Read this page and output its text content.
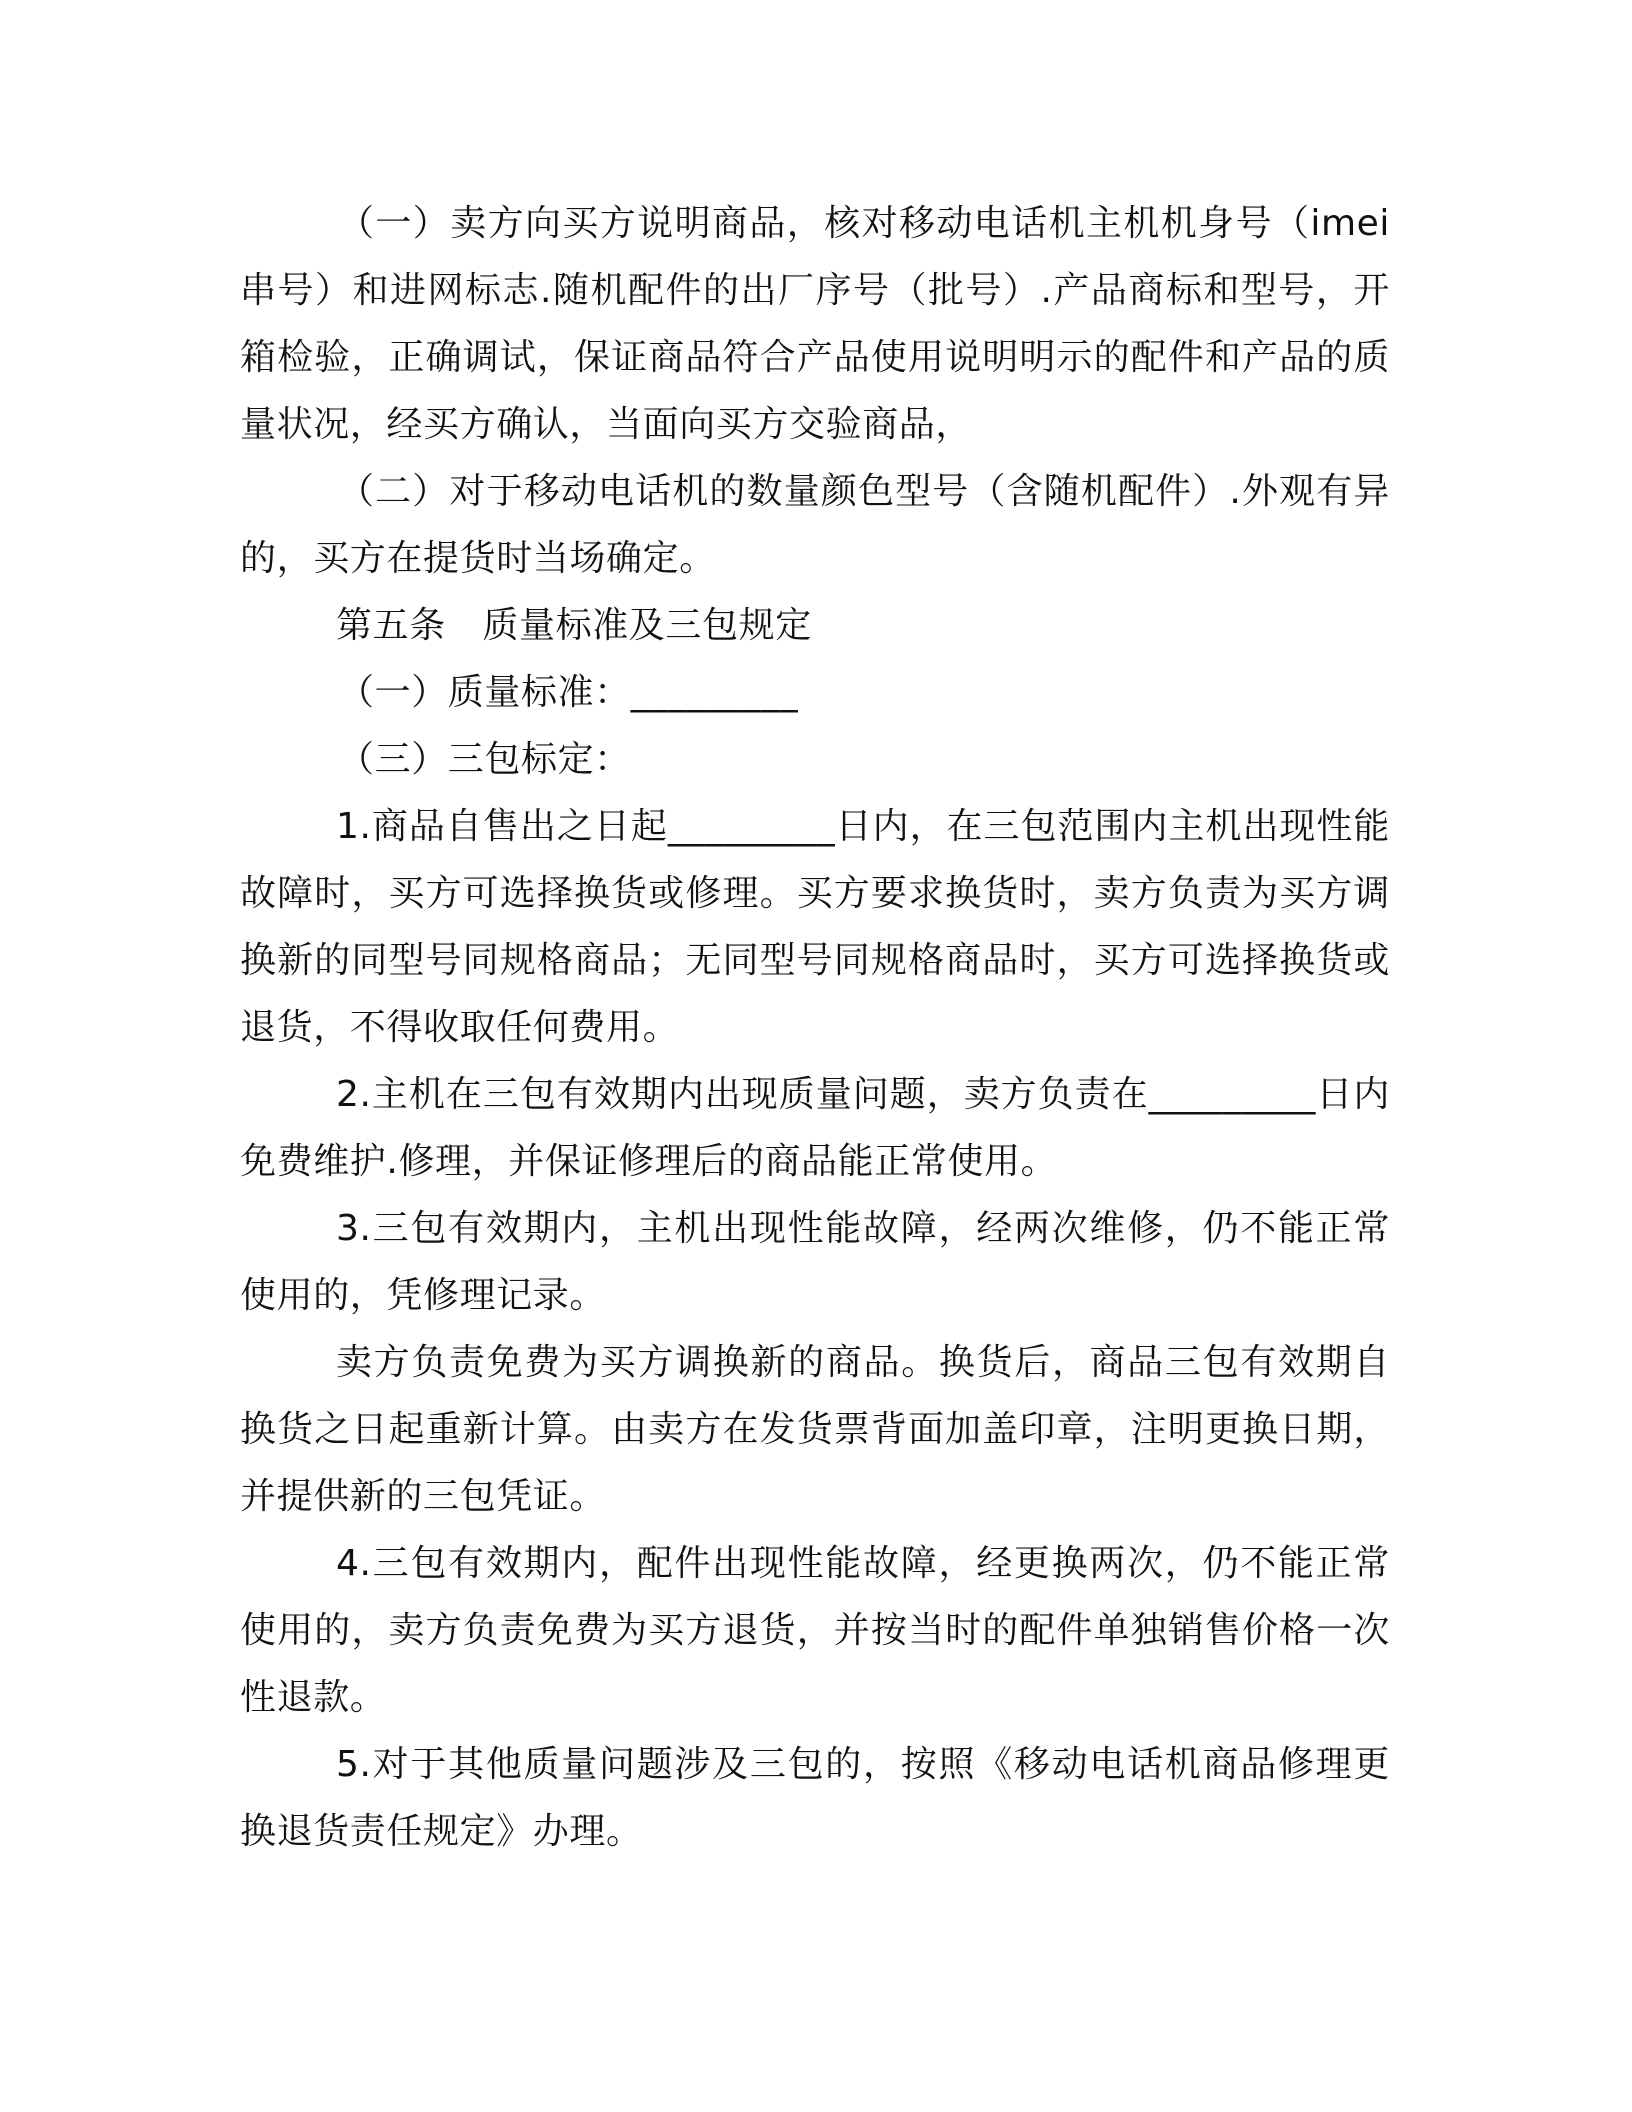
（一）卖方向买方说明商品，核对移动电话机主机机身号（imei串号）和进网标志.随机配件的出厂序号（批号）.产品商标和型号，开箱检验，正确调试，保证商品符合产品使用说明明示的配件和产品的质量状况，经买方确认，当面向买方交验商品，

（二）对于移动电话机的数量颜色型号（含随机配件）.外观有异的，买方在提货时当场确定。

第五条　质量标准及三包规定

（一）质量标准：_________

（三）三包标定：

1.商品自售出之日起_________日内，在三包范围内主机出现性能故障时，买方可选择换货或修理。买方要求换货时，卖方负责为买方调换新的同型号同规格商品；无同型号同规格商品时，买方可选择换货或退货，不得收取任何费用。

2.主机在三包有效期内出现质量问题，卖方负责在_________日内免费维护.修理，并保证修理后的商品能正常使用。

3.三包有效期内，主机出现性能故障，经两次维修，仍不能正常使用的，凭修理记录。

卖方负责免费为买方调换新的商品。换货后，商品三包有效期自换货之日起重新计算。由卖方在发货票背面加盖印章，注明更换日期，并提供新的三包凭证。

4.三包有效期内，配件出现性能故障，经更换两次，仍不能正常使用的，卖方负责免费为买方退货，并按当时的配件单独销售价格一次性退款。

5.对于其他质量问题涉及三包的，按照《移动电话机商品修理更换退货责任规定》办理。
